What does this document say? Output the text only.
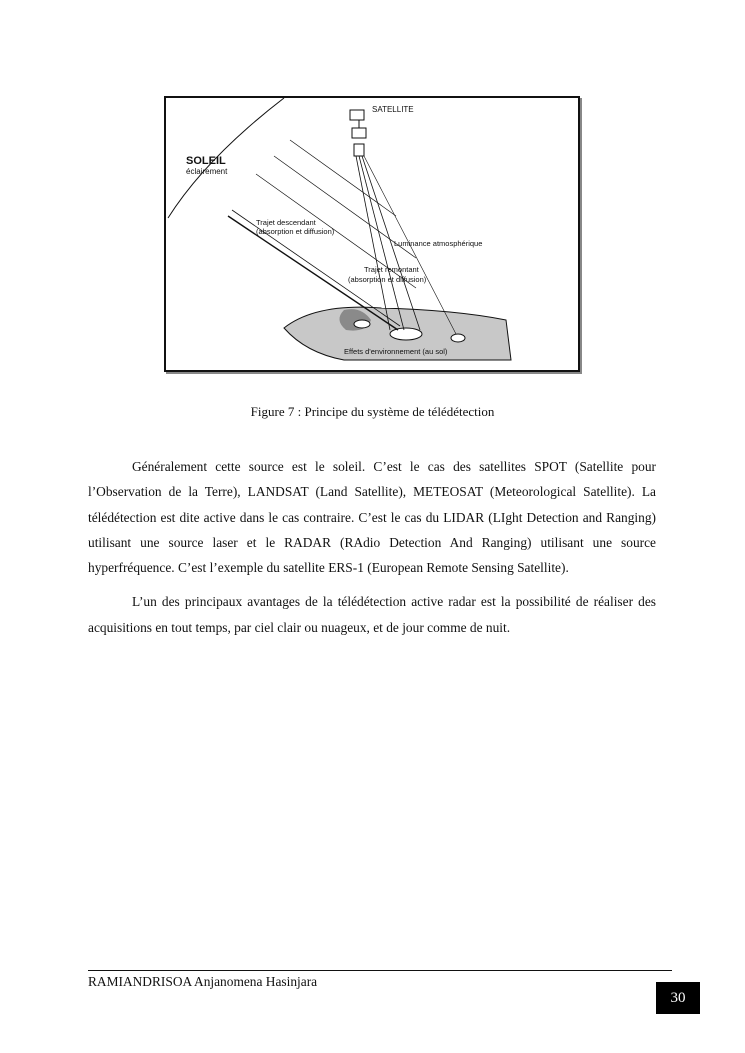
SATELLITE
SOLEIL
éclairement
Trajet descendant
(absorption et diffusion)
Luminance atmosphérique
Trajet remontant
(absorption et diffusion)
Effets d'environnement (au sol)
Figure 7 : Principe du système de télédétection

Généralement cette source est le soleil. C’est le cas des satellites SPOT (Satellite pour l’Observation de la Terre), LANDSAT (Land Satellite), METEOSAT (Meteorological Satellite). La télédétection est dite active dans le cas contraire. C’est le cas du LIDAR (LIght Detection and Ranging) utilisant une source laser et le RADAR (RAdio Detection And Ranging) utilisant une source hyperfréquence. C’est l’exemple du satellite ERS-1 (European Remote Sensing Satellite).

L’un des principaux avantages de la télédétection active radar est la possibilité de réaliser des acquisitions en tout temps, par ciel clair ou nuageux, et de jour comme de nuit.

RAMIANDRISOA Anjanomena Hasinjara
30
